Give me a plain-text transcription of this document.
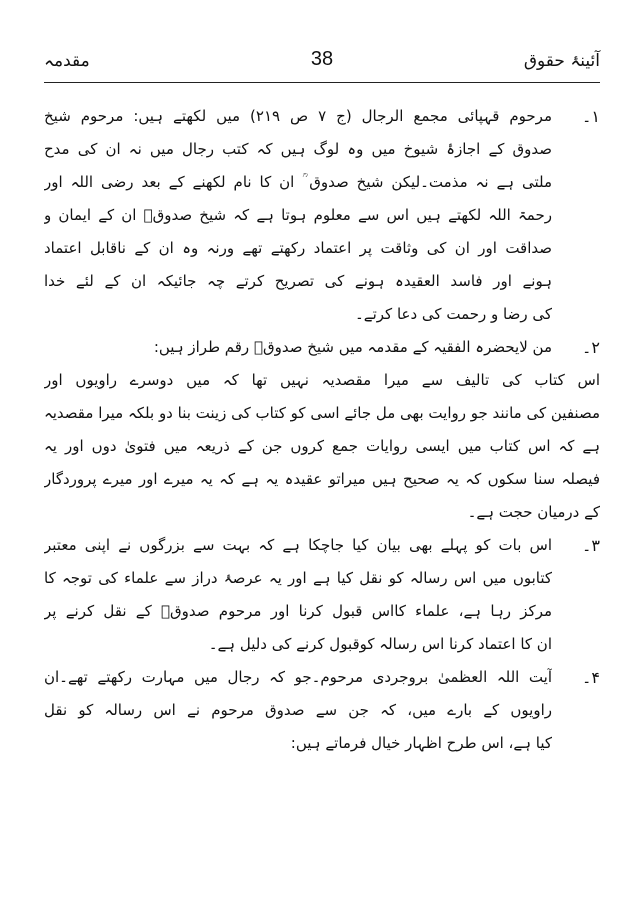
آئینۂ حقوق
38
مقدمہ
۱۔
مرحوم قہپائی مجمع الرجال (ج ۷ ص ۲۱۹) میں لکھتے ہیں: مرحوم شیخ
صدوق کے اجازۂ شیوخ میں وہ لوگ ہیں کہ کتب رجال میں نہ ان کی مدح
ملتی ہے نہ مذمت۔لیکن شیخ صدوق ؒ ان کا نام لکھنے کے بعد رضی اللہ اور
رحمۃ اللہ لکھتے ہیں اس سے معلوم ہوتا ہے کہ شیخ صدوقؒ ان کے ایمان و
صداقت اور ان کی وثاقت پر اعتماد رکھتے تھے ورنہ وہ ان کے ناقابل اعتماد
ہونے اور فاسد العقیدہ ہونے کی تصریح کرتے چہ جائیکہ ان کے لئے خدا
کی رضا و رحمت کی دعا کرتے۔
۲۔
من لایحضرہ الفقیہ کے مقدمہ میں شیخ صدوقؒ رقم طراز ہیں:
اس کتاب کی تالیف سے میرا مقصدیہ نہیں تھا کہ میں دوسرے راویوں اور
مصنفین کی مانند جو روایت بھی مل جائے اسی کو کتاب کی زینت بنا دو بلکہ میرا مقصدیہ
ہے کہ اس کتاب میں ایسی روایات جمع کروں جن کے ذریعہ میں فتویٰ دوں اور یہ
فیصلہ سنا سکوں کہ یہ صحیح ہیں میراتو عقیدہ یہ ہے کہ یہ میرے اور میرے پروردگار
کے درمیان حجت ہے۔
۳۔
اس بات کو پہلے بھی بیان کیا جاچکا ہے کہ بہت سے بزرگوں نے اپنی معتبر
کتابوں میں اس رسالہ کو نقل کیا ہے اور یہ عرصۂ دراز سے علماء کی توجہ کا
مرکز رہا ہے، علماء کااس قبول کرنا اور مرحوم صدوقؒ کے نقل کرنے پر
ان کا اعتماد کرنا اس رسالہ کوقبول کرنے کی دلیل ہے۔
۴۔
آیت اللہ العظمیٰ بروجردی مرحوم۔جو کہ رجال میں مہارت رکھتے تھے۔ان
راویوں کے بارے میں، کہ جن سے صدوق مرحوم نے اس رسالہ کو نقل
کیا ہے، اس طرح اظہار خیال فرماتے ہیں:
